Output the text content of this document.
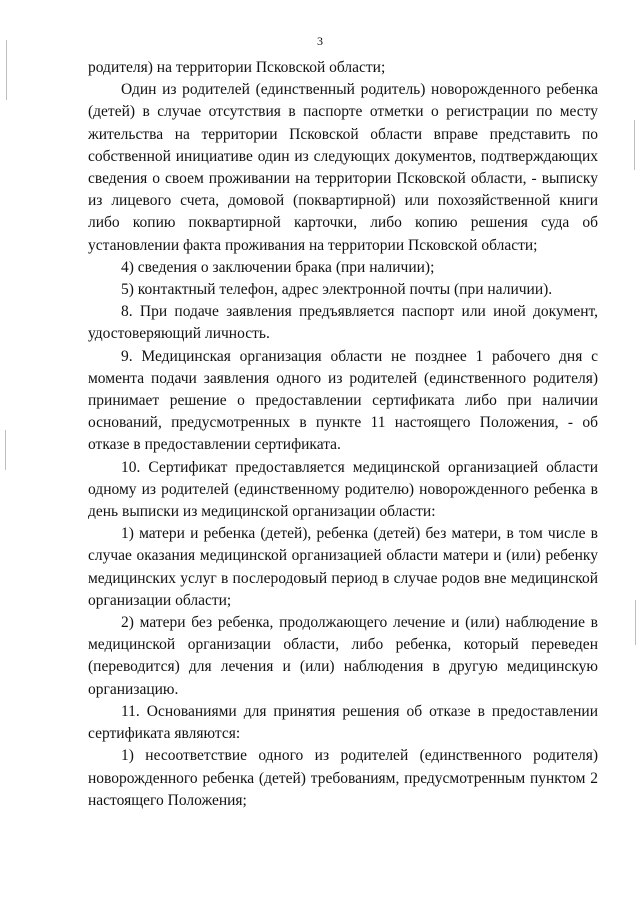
3

родителя) на территории Псковской области;

Один из родителей (единственный родитель) новорожденного ребенка (детей) в случае отсутствия в паспорте отметки о регистрации по месту жительства на территории Псковской области вправе представить по собственной инициативе один из следующих документов, подтверждающих сведения о своем проживании на территории Псковской области, - выписку из лицевого счета, домовой (поквартирной) или похозяйственной книги либо копию поквартирной карточки, либо копию решения суда об установлении факта проживания на территории Псковской области;

4) сведения о заключении брака (при наличии);

5) контактный телефон, адрес электронной почты (при наличии).

8. При подаче заявления предъявляется паспорт или иной документ, удостоверяющий личность.

9. Медицинская организация области не позднее 1 рабочего дня с момента подачи заявления одного из родителей (единственного родителя) принимает решение о предоставлении сертификата либо при наличии оснований, предусмотренных в пункте 11 настоящего Положения, - об отказе в предоставлении сертификата.

10. Сертификат предоставляется медицинской организацией области одному из родителей (единственному родителю) новорожденного ребенка в день выписки из медицинской организации области:

1) матери и ребенка (детей), ребенка (детей) без матери, в том числе в случае оказания медицинской организацией области матери и (или) ребенку медицинских услуг в послеродовый период в случае родов вне медицинской организации области;

2) матери без ребенка, продолжающего лечение и (или) наблюдение в медицинской организации области, либо ребенка, который переведен (переводится) для лечения и (или) наблюдения в другую медицинскую организацию.

11. Основаниями для принятия решения об отказе в предоставлении сертификата являются:

1) несоответствие одного из родителей (единственного родителя) новорожденного ребенка (детей) требованиям, предусмотренным пунктом 2 настоящего Положения;
